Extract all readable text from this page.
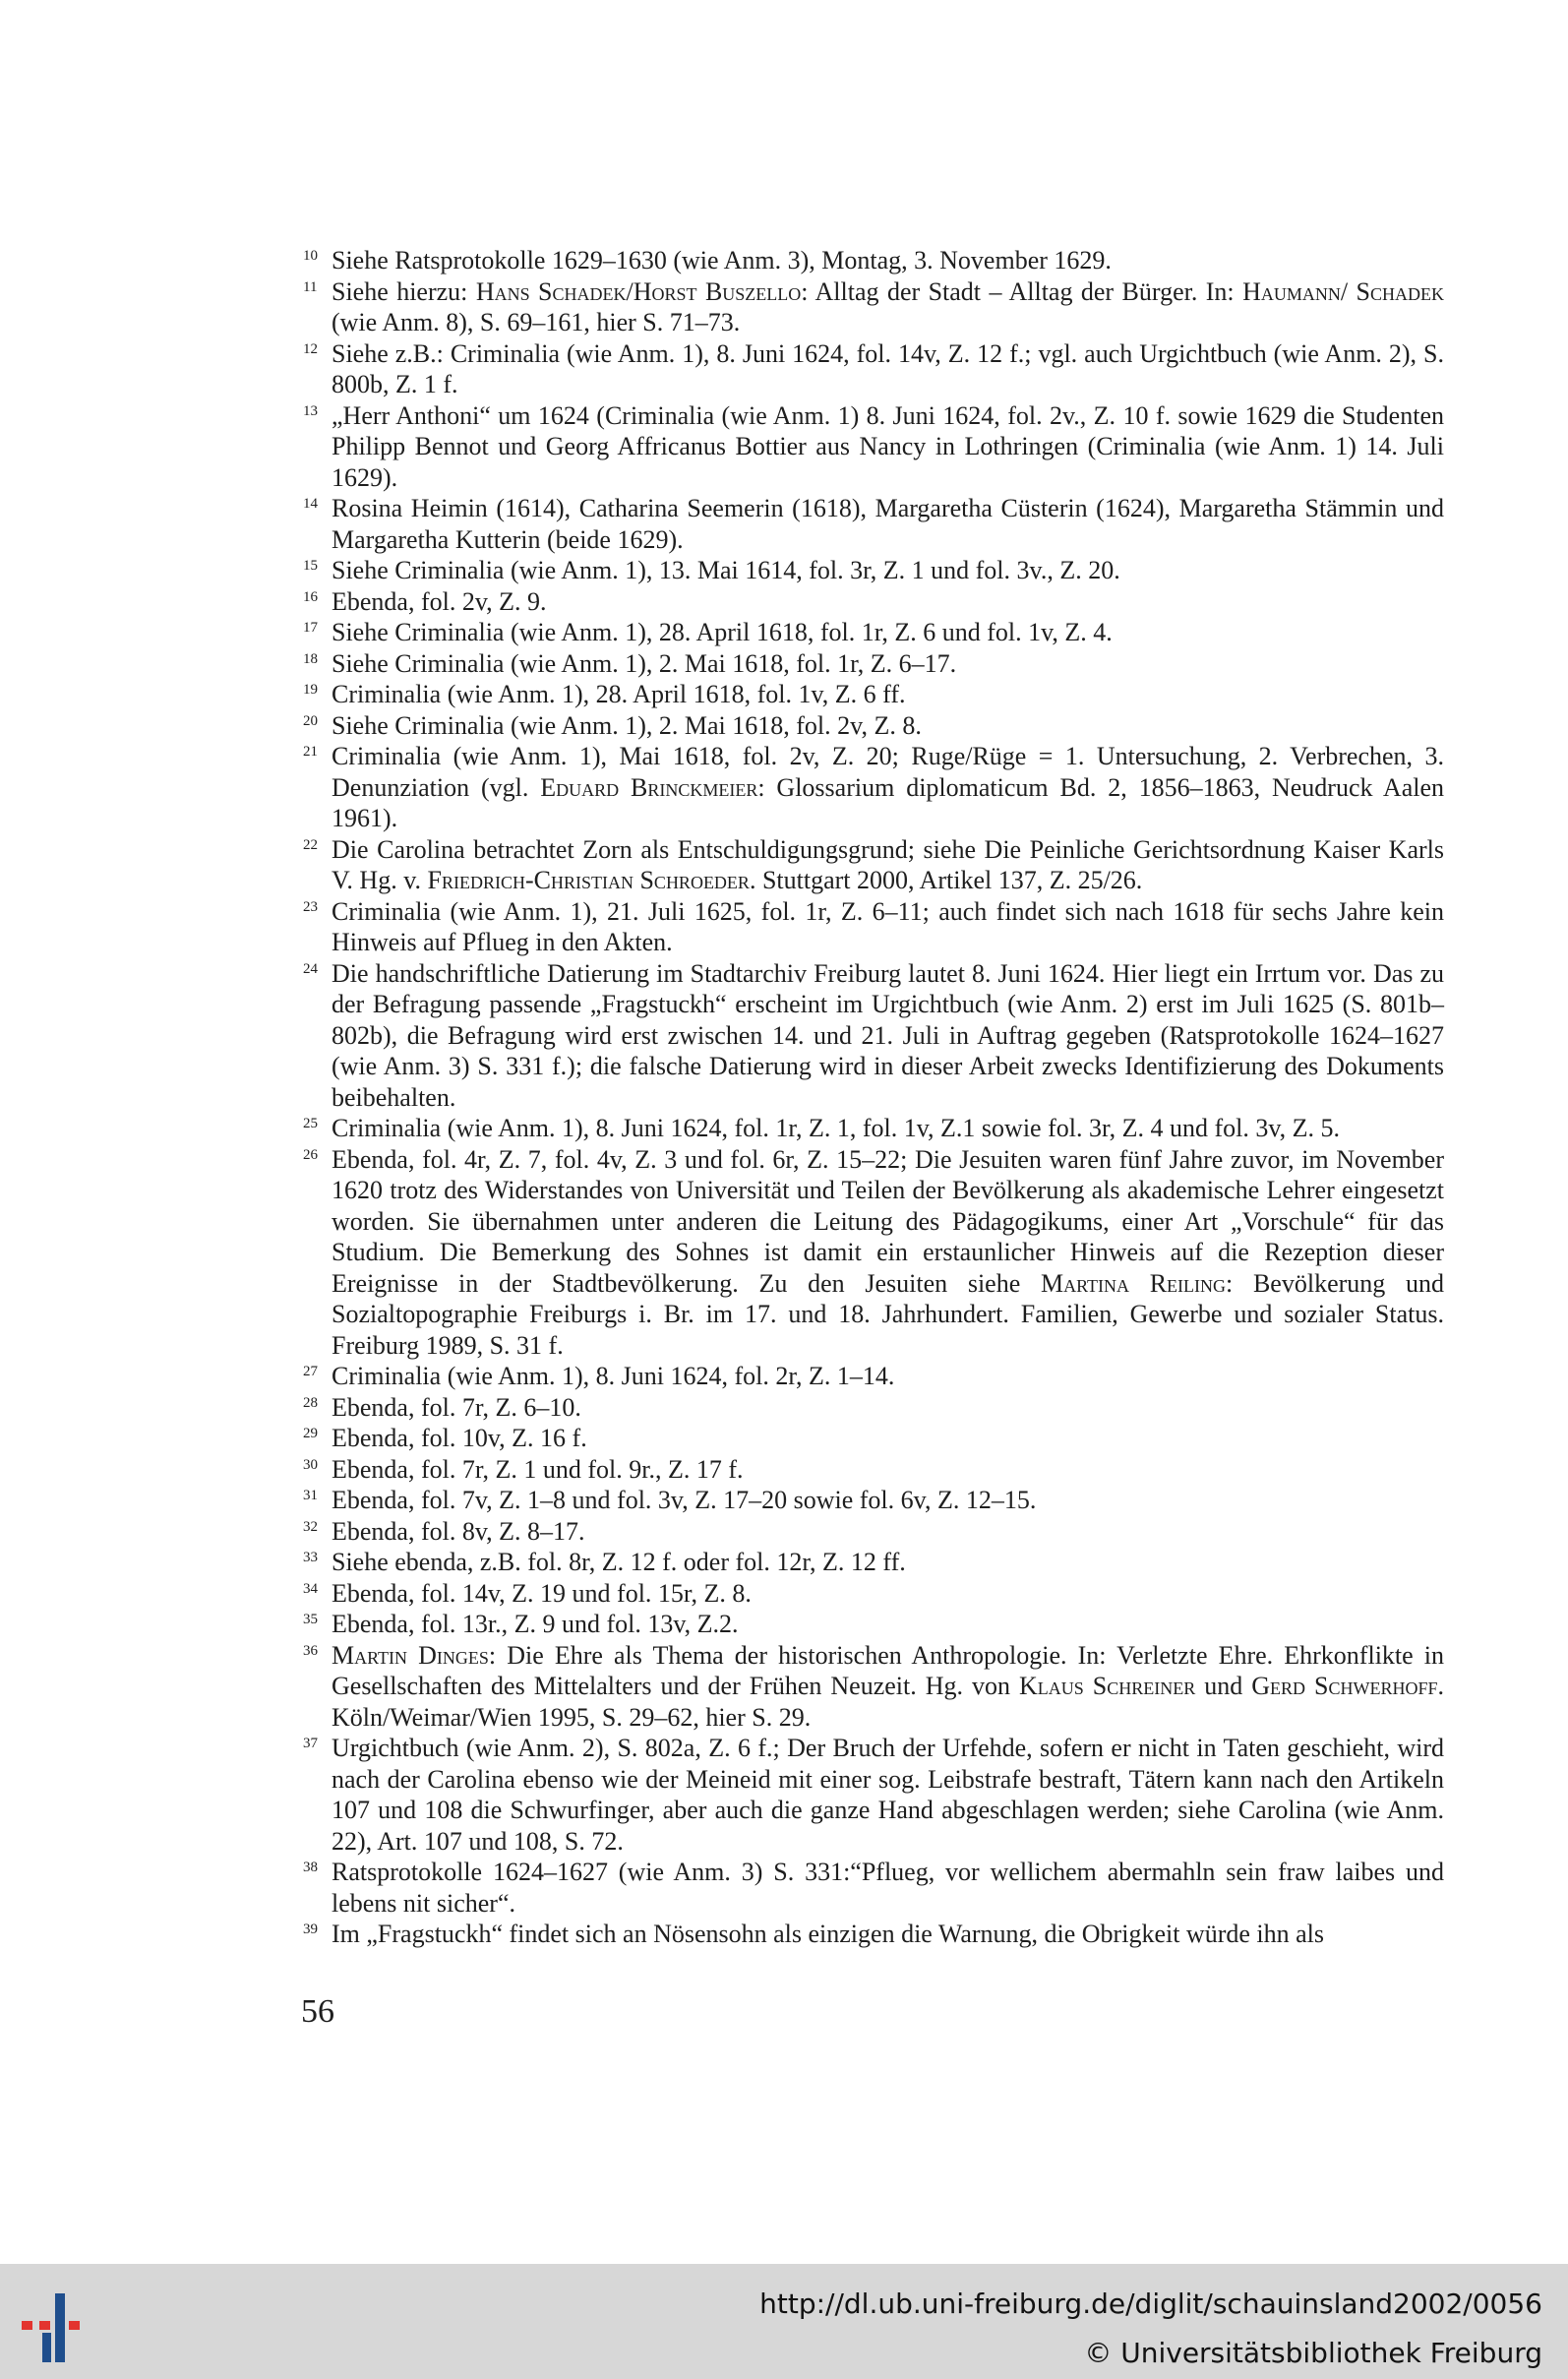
10 Siehe Ratsprotokolle 1629–1630 (wie Anm. 3), Montag, 3. November 1629.
11 Siehe hierzu: Hans Schadek/Horst Buszello: Alltag der Stadt – Alltag der Bürger. In: Haumann/ Schadek (wie Anm. 8), S. 69–161, hier S. 71–73.
12 Siehe z.B.: Criminalia (wie Anm. 1), 8. Juni 1624, fol. 14v, Z. 12 f.; vgl. auch Urgichtbuch (wie Anm. 2), S. 800b, Z. 1 f.
13 „Herr Anthoni“ um 1624 (Criminalia (wie Anm. 1) 8. Juni 1624, fol. 2v., Z. 10 f. sowie 1629 die Studenten Philipp Bennot und Georg Affricanus Bottier aus Nancy in Lothringen (Criminalia (wie Anm. 1) 14. Juli 1629).
14 Rosina Heimin (1614), Catharina Seemerin (1618), Margaretha Cüsterin (1624), Margaretha Stämmin und Margaretha Kutterin (beide 1629).
15 Siehe Criminalia (wie Anm. 1), 13. Mai 1614, fol. 3r, Z. 1 und fol. 3v., Z. 20.
16 Ebenda, fol. 2v, Z. 9.
17 Siehe Criminalia (wie Anm. 1), 28. April 1618, fol. 1r, Z. 6 und fol. 1v, Z. 4.
18 Siehe Criminalia (wie Anm. 1), 2. Mai 1618, fol. 1r, Z. 6–17.
19 Criminalia (wie Anm. 1), 28. April 1618, fol. 1v, Z. 6 ff.
20 Siehe Criminalia (wie Anm. 1), 2. Mai 1618, fol. 2v, Z. 8.
21 Criminalia (wie Anm. 1), Mai 1618, fol. 2v, Z. 20; Ruge/Rüge = 1. Untersuchung, 2. Verbrechen, 3. Denunziation (vgl. Eduard Brinckmeier: Glossarium diplomaticum Bd. 2, 1856–1863, Neudruck Aalen 1961).
22 Die Carolina betrachtet Zorn als Entschuldigungsgrund; siehe Die Peinliche Gerichtsordnung Kaiser Karls V. Hg. v. Friedrich-Christian Schroeder. Stuttgart 2000, Artikel 137, Z. 25/26.
23 Criminalia (wie Anm. 1), 21. Juli 1625, fol. 1r, Z. 6–11; auch findet sich nach 1618 für sechs Jahre kein Hinweis auf Pflueg in den Akten.
24 Die handschriftliche Datierung im Stadtarchiv Freiburg lautet 8. Juni 1624. Hier liegt ein Irrtum vor. Das zu der Befragung passende „Fragstuckh“ erscheint im Urgichtbuch (wie Anm. 2) erst im Juli 1625 (S. 801b–802b), die Befragung wird erst zwischen 14. und 21. Juli in Auftrag gegeben (Ratsprotokolle 1624–1627 (wie Anm. 3) S. 331 f.); die falsche Datierung wird in dieser Arbeit zwecks Identifizierung des Dokuments beibehalten.
25 Criminalia (wie Anm. 1), 8. Juni 1624, fol. 1r, Z. 1, fol. 1v, Z.1 sowie fol. 3r, Z. 4 und fol. 3v, Z. 5.
26 Ebenda, fol. 4r, Z. 7, fol. 4v, Z. 3 und fol. 6r, Z. 15–22; Die Jesuiten waren fünf Jahre zuvor, im November 1620 trotz des Widerstandes von Universität und Teilen der Bevölkerung als akademische Lehrer eingesetzt worden. Sie übernahmen unter anderen die Leitung des Pädagogikums, einer Art „Vorschule“ für das Studium. Die Bemerkung des Sohnes ist damit ein erstaunlicher Hinweis auf die Rezeption dieser Ereignisse in der Stadtbevölkerung. Zu den Jesuiten siehe Martina Reiling: Bevölkerung und Sozialtopographie Freiburgs i. Br. im 17. und 18. Jahrhundert. Familien, Gewerbe und sozialer Status. Freiburg 1989, S. 31 f.
27 Criminalia (wie Anm. 1), 8. Juni 1624, fol. 2r, Z. 1–14.
28 Ebenda, fol. 7r, Z. 6–10.
29 Ebenda, fol. 10v, Z. 16 f.
30 Ebenda, fol. 7r, Z. 1 und fol. 9r., Z. 17 f.
31 Ebenda, fol. 7v, Z. 1–8 und fol. 3v, Z. 17–20 sowie fol. 6v, Z. 12–15.
32 Ebenda, fol. 8v, Z. 8–17.
33 Siehe ebenda, z.B. fol. 8r, Z. 12 f. oder fol. 12r, Z. 12 ff.
34 Ebenda, fol. 14v, Z. 19 und fol. 15r, Z. 8.
35 Ebenda, fol. 13r., Z. 9 und fol. 13v, Z.2.
36 Martin Dinges: Die Ehre als Thema der historischen Anthropologie. In: Verletzte Ehre. Ehrkonflikte in Gesellschaften des Mittelalters und der Frühen Neuzeit. Hg. von Klaus Schreiner und Gerd Schwerhoff. Köln/Weimar/Wien 1995, S. 29–62, hier S. 29.
37 Urgichtbuch (wie Anm. 2), S. 802a, Z. 6 f.; Der Bruch der Urfehde, sofern er nicht in Taten geschieht, wird nach der Carolina ebenso wie der Meineid mit einer sog. Leibstrafe bestraft, Tätern kann nach den Artikeln 107 und 108 die Schwurfinger, aber auch die ganze Hand abgeschlagen werden; siehe Carolina (wie Anm. 22), Art. 107 und 108, S. 72.
38 Ratsprotokolle 1624–1627 (wie Anm. 3) S. 331:“Pflueg, vor wellichem abermahln sein fraw laibes und lebens nit sicher“.
39 Im „Fragstuckh“ findet sich an Nösensohn als einzigen die Warnung, die Obrigkeit würde ihn als
56
http://dl.ub.uni-freiburg.de/diglit/schauinsland2002/0056
© Universitätsbibliothek Freiburg
